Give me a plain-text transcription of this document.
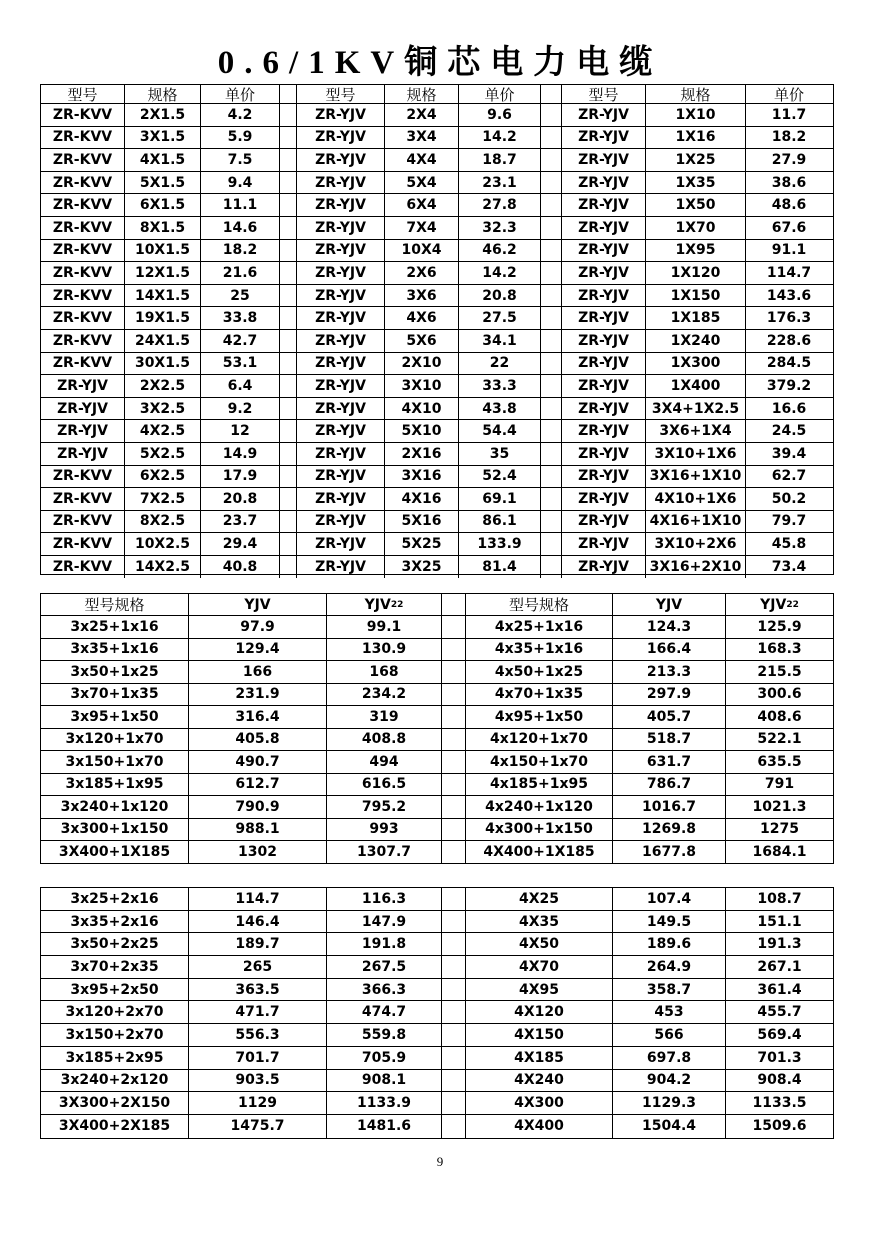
0.6/1KV铜芯电力电缆
型号	规格	单价	型号	规格	单价	型号	规格	单价
ZR-KVV	2X1.5	4.2	ZR-YJV	2X4	9.6	ZR-YJV	1X10	11.7
ZR-KVV	3X1.5	5.9	ZR-YJV	3X4	14.2	ZR-YJV	1X16	18.2
ZR-KVV	4X1.5	7.5	ZR-YJV	4X4	18.7	ZR-YJV	1X25	27.9
ZR-KVV	5X1.5	9.4	ZR-YJV	5X4	23.1	ZR-YJV	1X35	38.6
ZR-KVV	6X1.5	11.1	ZR-YJV	6X4	27.8	ZR-YJV	1X50	48.6
ZR-KVV	8X1.5	14.6	ZR-YJV	7X4	32.3	ZR-YJV	1X70	67.6
ZR-KVV	10X1.5	18.2	ZR-YJV	10X4	46.2	ZR-YJV	1X95	91.1
ZR-KVV	12X1.5	21.6	ZR-YJV	2X6	14.2	ZR-YJV	1X120	114.7
ZR-KVV	14X1.5	25	ZR-YJV	3X6	20.8	ZR-YJV	1X150	143.6
ZR-KVV	19X1.5	33.8	ZR-YJV	4X6	27.5	ZR-YJV	1X185	176.3
ZR-KVV	24X1.5	42.7	ZR-YJV	5X6	34.1	ZR-YJV	1X240	228.6
ZR-KVV	30X1.5	53.1	ZR-YJV	2X10	22	ZR-YJV	1X300	284.5
ZR-YJV	2X2.5	6.4	ZR-YJV	3X10	33.3	ZR-YJV	1X400	379.2
ZR-YJV	3X2.5	9.2	ZR-YJV	4X10	43.8	ZR-YJV	3X4+1X2.5	16.6
ZR-YJV	4X2.5	12	ZR-YJV	5X10	54.4	ZR-YJV	3X6+1X4	24.5
ZR-YJV	5X2.5	14.9	ZR-YJV	2X16	35	ZR-YJV	3X10+1X6	39.4
ZR-KVV	6X2.5	17.9	ZR-YJV	3X16	52.4	ZR-YJV	3X16+1X10	62.7
ZR-KVV	7X2.5	20.8	ZR-YJV	4X16	69.1	ZR-YJV	4X10+1X6	50.2
ZR-KVV	8X2.5	23.7	ZR-YJV	5X16	86.1	ZR-YJV	4X16+1X10	79.7
ZR-KVV	10X2.5	29.4	ZR-YJV	5X25	133.9	ZR-YJV	3X10+2X6	45.8
ZR-KVV	14X2.5	40.8	ZR-YJV	3X25	81.4	ZR-YJV	3X16+2X10	73.4
型号规格	YJV	YJV 22	型号规格	YJV	YJV 22
3x25+1x16	97.9	99.1	4x25+1x16	124.3	125.9
3x35+1x16	129.4	130.9	4x35+1x16	166.4	168.3
3x50+1x25	166	168	4x50+1x25	213.3	215.5
3x70+1x35	231.9	234.2	4x70+1x35	297.9	300.6
3x95+1x50	316.4	319	4x95+1x50	405.7	408.6
3x120+1x70	405.8	408.8	4x120+1x70	518.7	522.1
3x150+1x70	490.7	494	4x150+1x70	631.7	635.5
3x185+1x95	612.7	616.5	4x185+1x95	786.7	791
3x240+1x120	790.9	795.2	4x240+1x120	1016.7	1021.3
3x300+1x150	988.1	993	4x300+1x150	1269.8	1275
3X400+1X185	1302	1307.7	4X400+1X185	1677.8	1684.1
3x25+2x16	114.7	116.3	4X25	107.4	108.7
3x35+2x16	146.4	147.9	4X35	149.5	151.1
3x50+2x25	189.7	191.8	4X50	189.6	191.3
3x70+2x35	265	267.5	4X70	264.9	267.1
3x95+2x50	363.5	366.3	4X95	358.7	361.4
3x120+2x70	471.7	474.7	4X120	453	455.7
3x150+2x70	556.3	559.8	4X150	566	569.4
3x185+2x95	701.7	705.9	4X185	697.8	701.3
3x240+2x120	903.5	908.1	4X240	904.2	908.4
3X300+2X150	1129	1133.9	4X300	1129.3	1133.5
3X400+2X185	1475.7	1481.6	4X400	1504.4	1509.6
9
